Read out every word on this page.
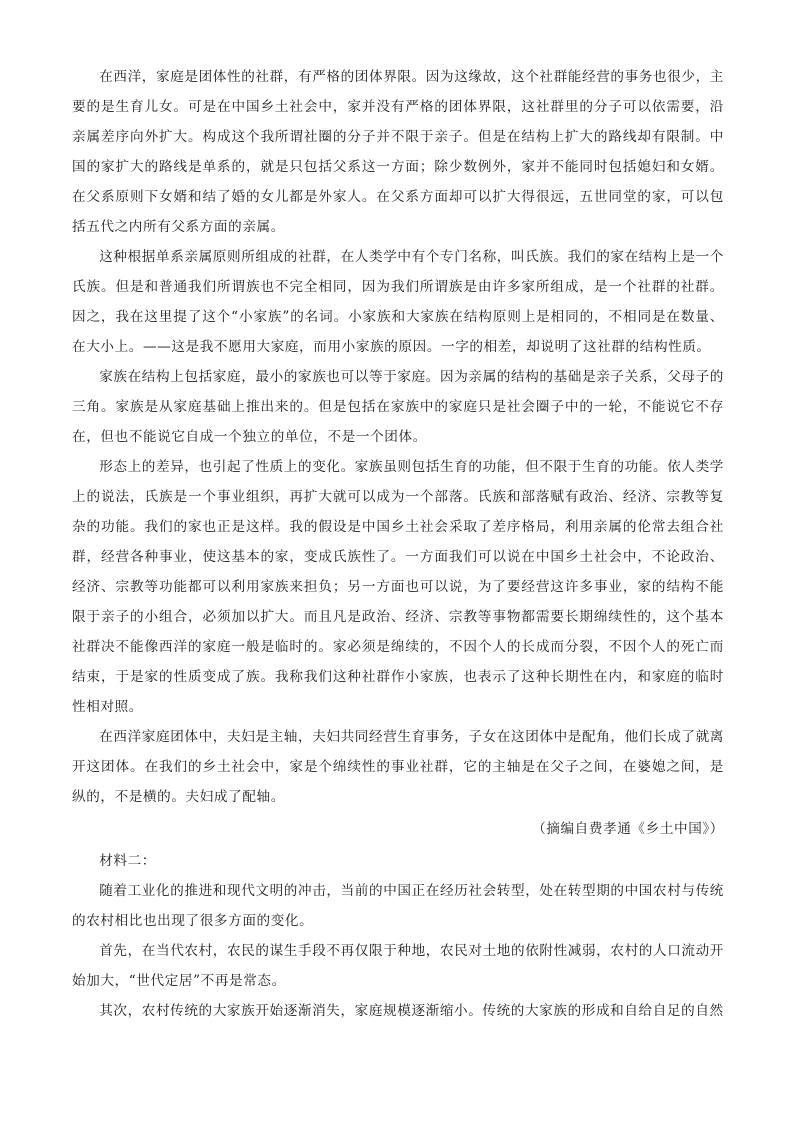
在西洋，家庭是团体性的社群，有严格的团体界限。因为这缘故，这个社群能经营的事务也很少，主要的是生育儿女。可是在中国乡土社会中，家并没有严格的团体界限，这社群里的分子可以依需要，沿亲属差序向外扩大。构成这个我所谓社圈的分子并不限于亲子。但是在结构上扩大的路线却有限制。中国的家扩大的路线是单系的，就是只包括父系这一方面；除少数例外，家并不能同时包括媳妇和女婿。在父系原则下女婿和结了婚的女儿都是外家人。在父系方面却可以扩大得很远，五世同堂的家，可以包括五代之内所有父系方面的亲属。

这种根据单系亲属原则所组成的社群，在人类学中有个专门名称，叫氏族。我们的家在结构上是一个氏族。但是和普通我们所谓族也不完全相同，因为我们所谓族是由许多家所组成，是一个社群的社群。因之，我在这里提了这个“小家族”的名词。小家族和大家族在结构原则上是相同的，不相同是在数量、在大小上。——这是我不愿用大家庭，而用小家族的原因。一字的相差，却说明了这社群的结构性质。

家族在结构上包括家庭，最小的家族也可以等于家庭。因为亲属的结构的基础是亲子关系，父母子的三角。家族是从家庭基础上推出来的。但是包括在家族中的家庭只是社会圈子中的一轮，不能说它不存在，但也不能说它自成一个独立的单位，不是一个团体。

形态上的差异，也引起了性质上的变化。家族虽则包括生育的功能，但不限于生育的功能。依人类学上的说法，氏族是一个事业组织，再扩大就可以成为一个部落。氏族和部落赋有政治、经济、宗教等复杂的功能。我们的家也正是这样。我的假设是中国乡土社会采取了差序格局，利用亲属的伦常去组合社群，经营各种事业，使这基本的家，变成氏族性了。一方面我们可以说在中国乡土社会中，不论政治、经济、宗教等功能都可以利用家族来担负；另一方面也可以说，为了要经营这许多事业，家的结构不能限于亲子的小组合，必须加以扩大。而且凡是政治、经济、宗教等事物都需要长期绵续性的，这个基本社群决不能像西洋的家庭一般是临时的。家必须是绵续的，不因个人的长成而分裂，不因个人的死亡而结束，于是家的性质变成了族。我称我们这种社群作小家族，也表示了这种长期性在内，和家庭的临时性相对照。

在西洋家庭团体中，夫妇是主轴，夫妇共同经营生育事务，子女在这团体中是配角，他们长成了就离开这团体。在我们的乡土社会中，家是个绵续性的事业社群，它的主轴是在父子之间，在婆媳之间，是纵的，不是横的。夫妇成了配轴。

（摘编自费孝通《乡土中国》）

材料二：

随着工业化的推进和现代文明的冲击，当前的中国正在经历社会转型，处在转型期的中国农村与传统的农村相比也出现了很多方面的变化。

首先，在当代农村，农民的谋生手段不再仅限于种地，农民对土地的依附性减弱，农村的人口流动开始加大，“世代定居”不再是常态。

其次，农村传统的大家族开始逐渐消失，家庭规模逐渐缩小。传统的大家族的形成和自给自足的自然
